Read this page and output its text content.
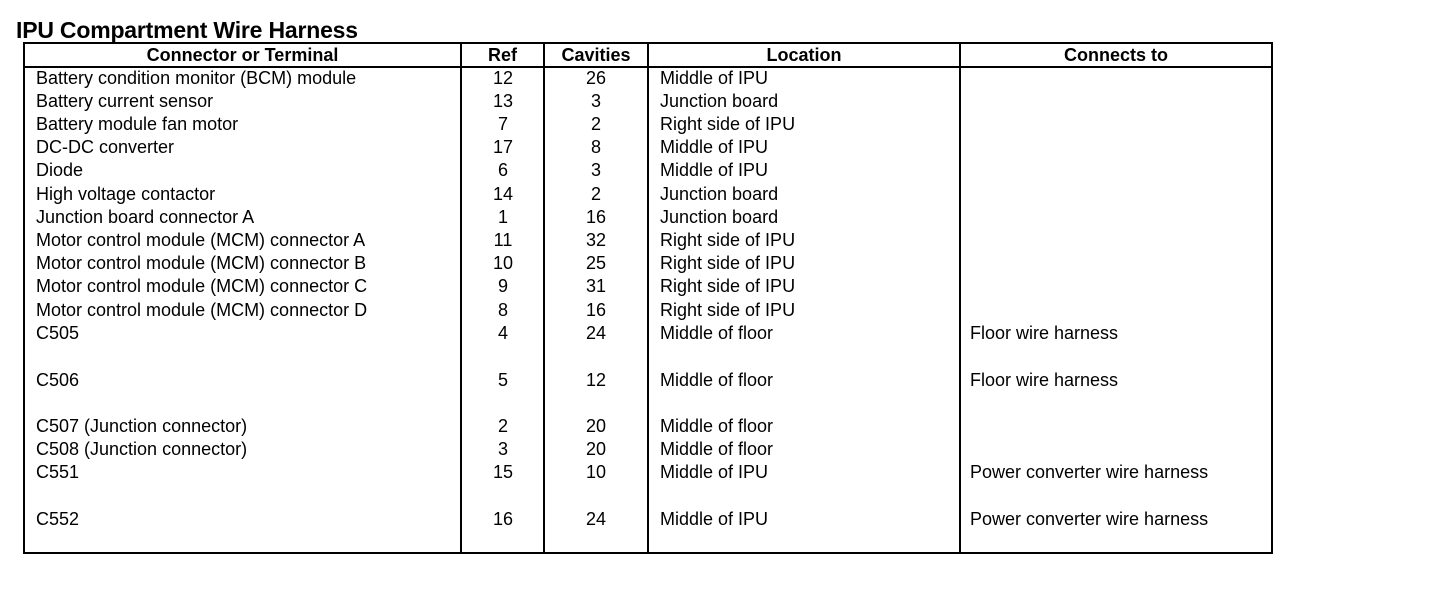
IPU Compartment Wire Harness
Connector or Terminal	Ref	Cavities	Location	Connects to
Battery condition monitor (BCM) module	12	26	Middle of IPU
Battery current sensor	13	3	Junction board
Battery module fan motor	7	2	Right side of IPU
DC-DC converter	17	8	Middle of IPU
Diode	6	3	Middle of IPU
High voltage contactor	14	2	Junction board
Junction board connector A	1	16	Junction board
Motor control module (MCM) connector A	11	32	Right side of IPU
Motor control module (MCM) connector B	10	25	Right side of IPU
Motor control module (MCM) connector C	9	31	Right side of IPU
Motor control module (MCM) connector D	8	16	Right side of IPU
C505	4	24	Middle of floor	Floor wire harness
C506	5	12	Middle of floor	Floor wire harness
C507 (Junction connector)	2	20	Middle of floor
C508 (Junction connector)	3	20	Middle of floor
C551	15	10	Middle of IPU	Power converter wire harness
C552	16	24	Middle of IPU	Power converter wire harness
